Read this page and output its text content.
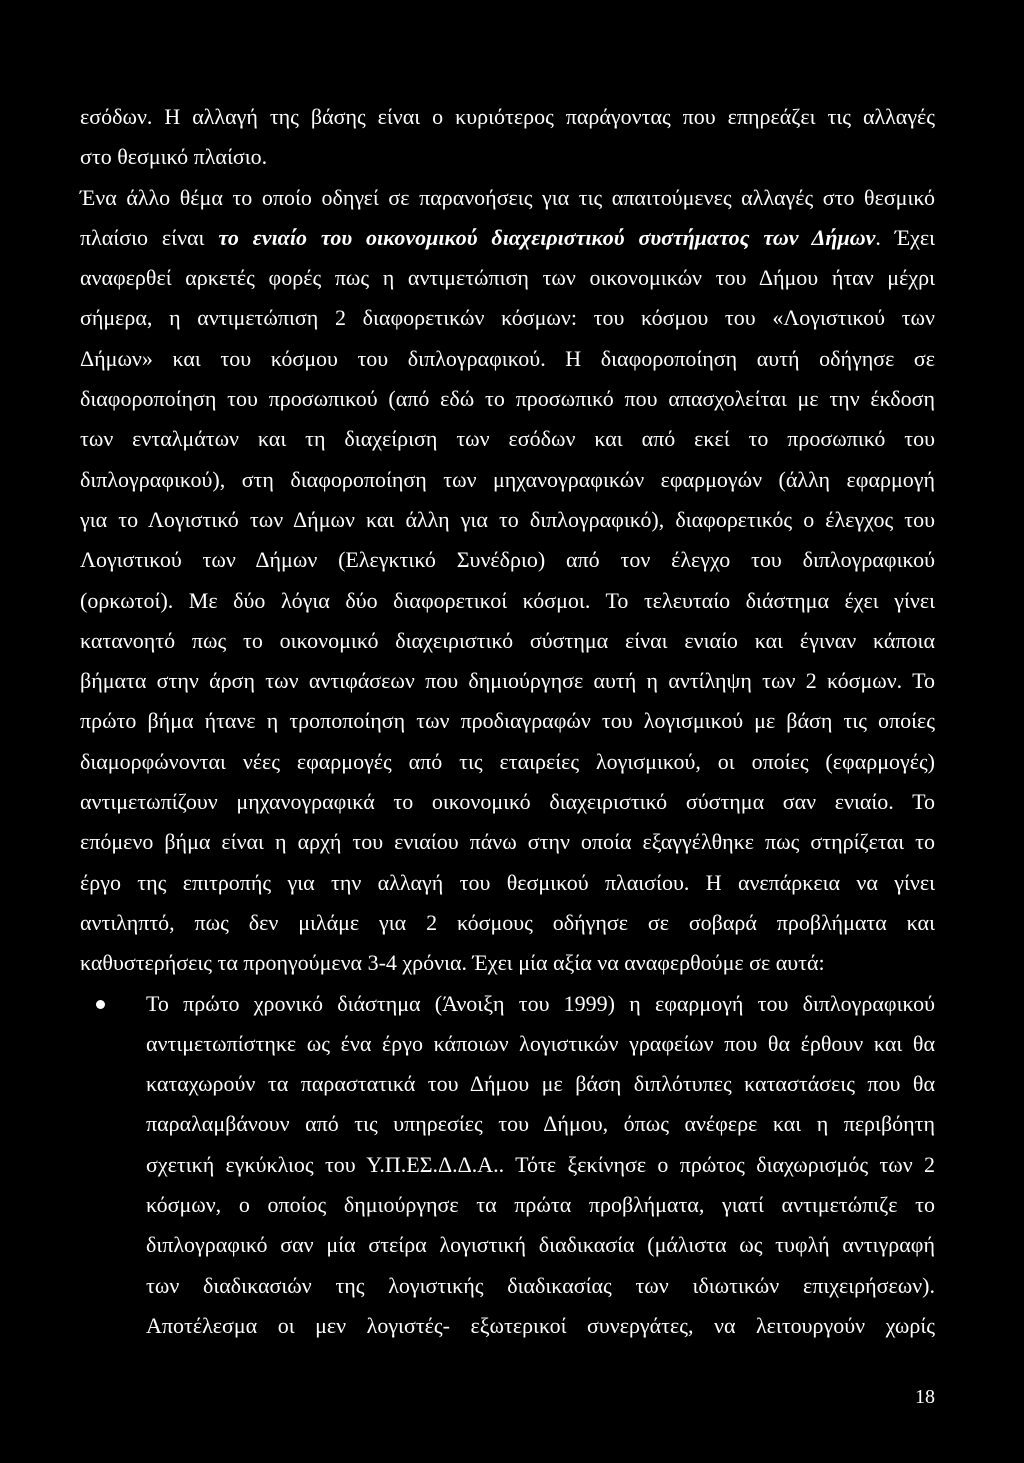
εσόδων. Η αλλαγή της βάσης είναι ο κυριότερος παράγοντας που επηρεάζει τις αλλαγές
στο θεσμικό πλαίσιο.
Ένα άλλο θέμα το οποίο οδηγεί σε παρανοήσεις για τις απαιτούμενες αλλαγές στο θεσμικό
πλαίσιο είναι το ενιαίο του οικονομικού διαχειριστικού συστήματος των Δήμων. Έχει
αναφερθεί αρκετές φορές πως η αντιμετώπιση των οικονομικών του Δήμου ήταν μέχρι
σήμερα, η αντιμετώπιση 2 διαφορετικών κόσμων: του κόσμου του «Λογιστικού των
Δήμων» και του κόσμου του διπλογραφικού. Η διαφοροποίηση αυτή οδήγησε σε
διαφοροποίηση του προσωπικού (από εδώ το προσωπικό που απασχολείται με την έκδοση
των ενταλμάτων και τη διαχείριση των εσόδων και από εκεί το προσωπικό του
διπλογραφικού), στη διαφοροποίηση των μηχανογραφικών εφαρμογών (άλλη εφαρμογή
για το Λογιστικό των Δήμων και άλλη για το διπλογραφικό), διαφορετικός ο έλεγχος του
Λογιστικού των Δήμων (Ελεγκτικό Συνέδριο) από τον έλεγχο του διπλογραφικού
(ορκωτοί). Με δύο λόγια δύο διαφορετικοί κόσμοι. Το τελευταίο διάστημα έχει γίνει
κατανοητό πως το οικονομικό διαχειριστικό σύστημα είναι ενιαίο και έγιναν κάποια
βήματα στην άρση των αντιφάσεων που δημιούργησε αυτή η αντίληψη των 2 κόσμων. Το
πρώτο βήμα ήτανε η τροποποίηση των προδιαγραφών του λογισμικού με βάση τις οποίες
διαμορφώνονται νέες εφαρμογές από τις εταιρείες λογισμικού, οι οποίες (εφαρμογές)
αντιμετωπίζουν μηχανογραφικά το οικονομικό διαχειριστικό σύστημα σαν ενιαίο. Το
επόμενο βήμα είναι η αρχή του ενιαίου πάνω στην οποία εξαγγέλθηκε πως στηρίζεται το
έργο της επιτροπής για την αλλαγή του θεσμικού πλαισίου. Η ανεπάρκεια να γίνει
αντιληπτό, πως δεν μιλάμε για 2 κόσμους οδήγησε σε σοβαρά προβλήματα και
καθυστερήσεις τα προηγούμενα 3-4 χρόνια. Έχει μία αξία να αναφερθούμε σε αυτά:
Το πρώτο χρονικό διάστημα (Άνοιξη του 1999) η εφαρμογή του διπλογραφικού
αντιμετωπίστηκε ως ένα έργο κάποιων λογιστικών γραφείων που θα έρθουν και θα
καταχωρούν τα παραστατικά του Δήμου με βάση διπλότυπες καταστάσεις που θα
παραλαμβάνουν από τις υπηρεσίες του Δήμου, όπως ανέφερε και η περιβόητη
σχετική εγκύκλιος του Υ.Π.ΕΣ.Δ.Δ.Α.. Τότε ξεκίνησε ο πρώτος διαχωρισμός των 2
κόσμων, ο οποίος δημιούργησε τα πρώτα προβλήματα, γιατί αντιμετώπιζε το
διπλογραφικό σαν μία στείρα λογιστική διαδικασία (μάλιστα ως τυφλή αντιγραφή
των διαδικασιών της λογιστικής διαδικασίας των ιδιωτικών επιχειρήσεων).
Αποτέλεσμα οι μεν λογιστές- εξωτερικοί συνεργάτες, να λειτουργούν χωρίς
18
